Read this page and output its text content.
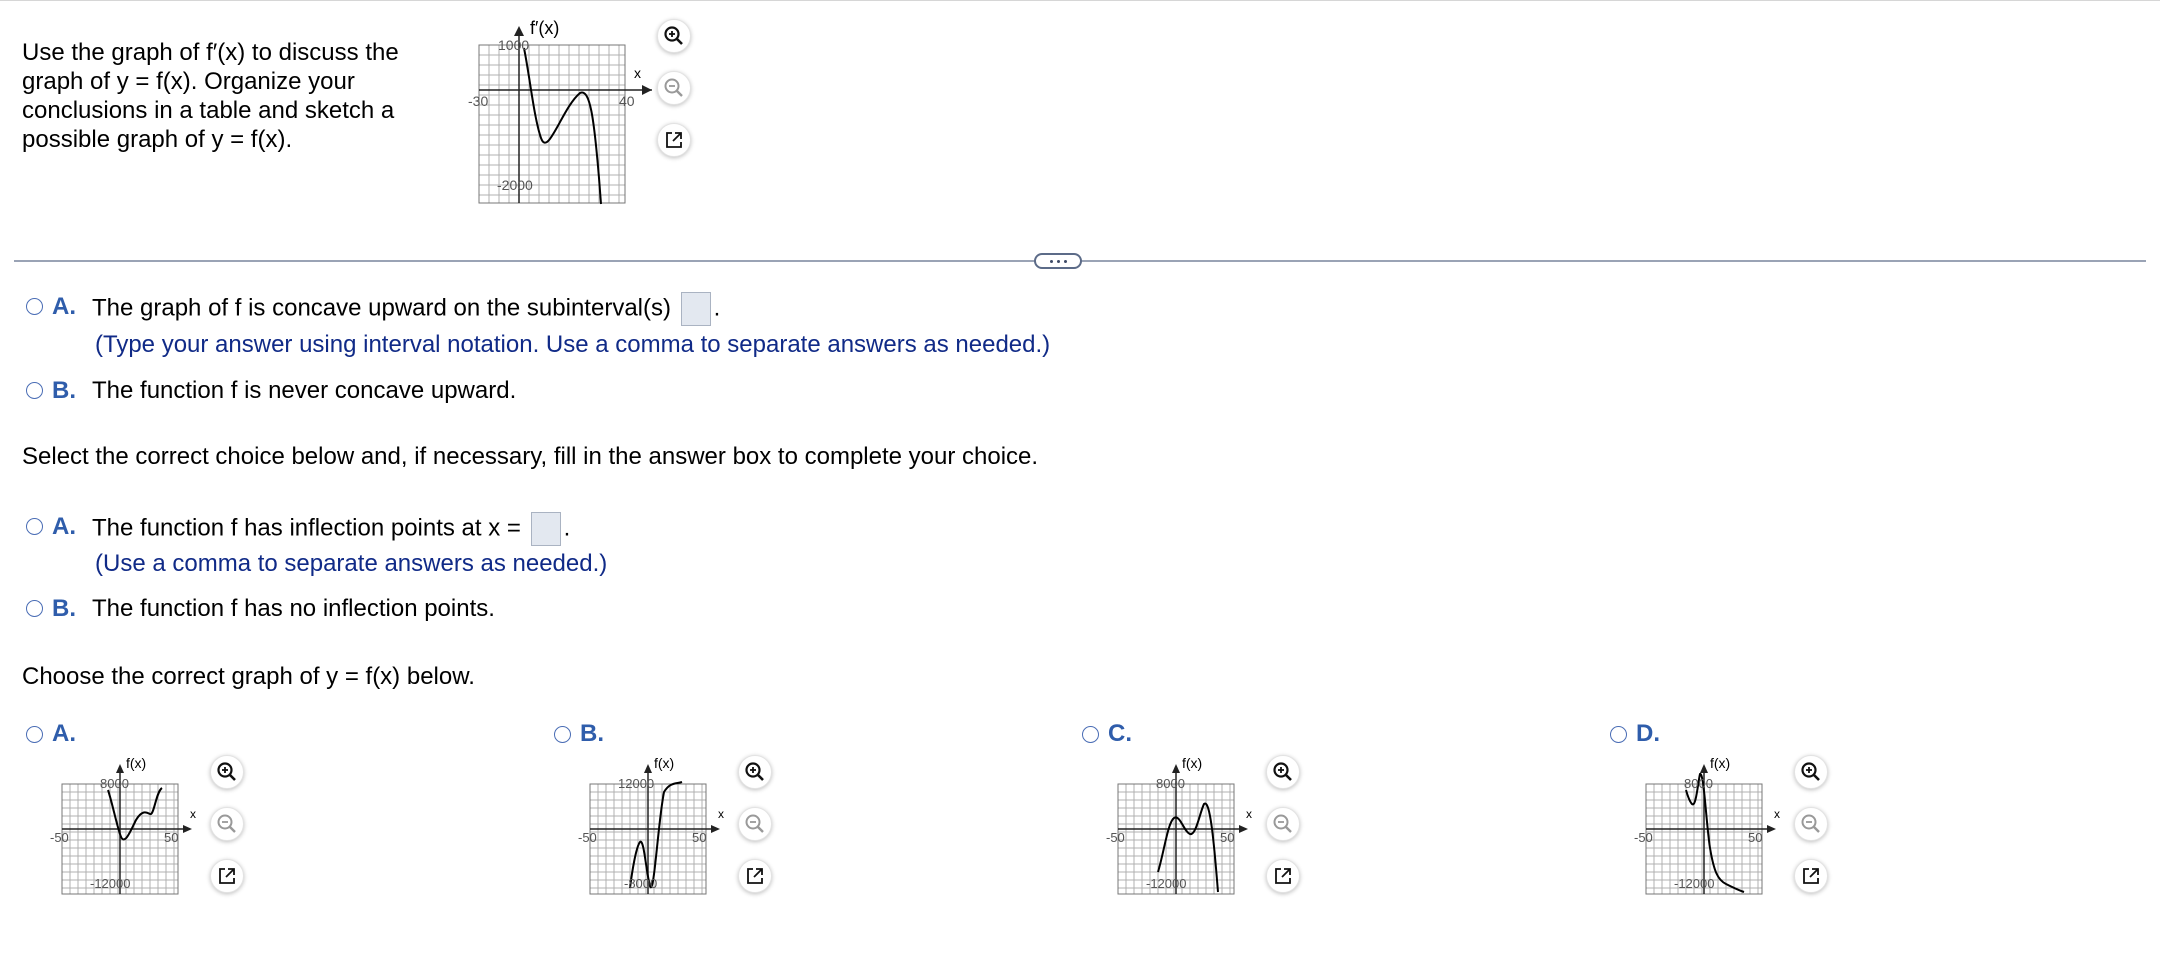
Use the graph of f′(x) to discuss the graph of y = f(x). Organize your conclusions in a table and sketch a possible graph of y = f(x).
f′(x)
x
1000
-2000
-30	40
A. The graph of f is concave upward on the subinterval(s) .
(Type your answer using interval notation. Use a comma to separate answers as needed.)
B. The function f is never concave upward.
Select the correct choice below and, if necessary, fill in the answer box to complete your choice.
A. The function f has inflection points at x = .
(Use a comma to separate answers as needed.)
B. The function f has no inflection points.
Choose the correct graph of y = f(x) below.
A.
f(x)
x
8000
-12000
-50	50
B.
f(x)
x
12000
-8000
-50	50
C.
f(x)
x
8000
-12000
-50	50
D.
f(x)
x
8000
-12000
-50	50
